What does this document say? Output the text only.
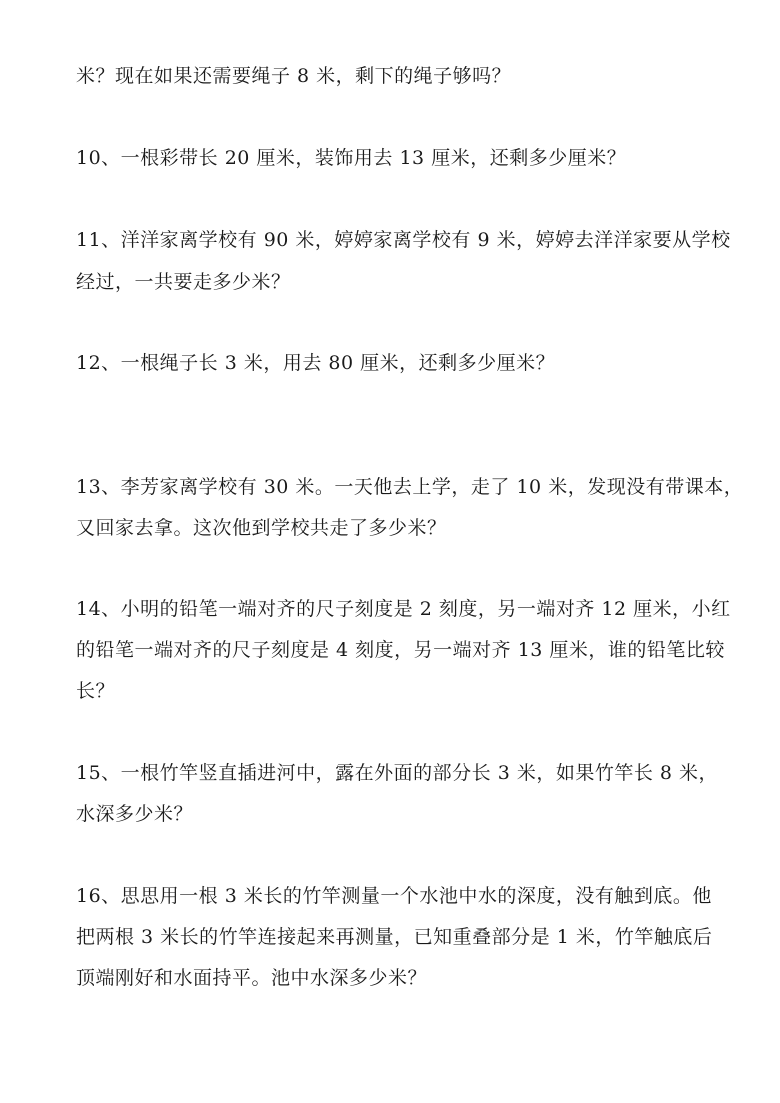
米？现在如果还需要绳子 8 米，剩下的绳子够吗？
10、一根彩带长 20 厘米，装饰用去 13 厘米，还剩多少厘米？
11、洋洋家离学校有 90 米，婷婷家离学校有 9 米，婷婷去洋洋家要从学校
经过，一共要走多少米？
12、一根绳子长 3 米，用去 80 厘米，还剩多少厘米？
13、李芳家离学校有 30 米。一天他去上学，走了 10 米，发现没有带课本，
又回家去拿。这次他到学校共走了多少米？
14、小明的铅笔一端对齐的尺子刻度是 2 刻度，另一端对齐 12 厘米，小红
的铅笔一端对齐的尺子刻度是 4 刻度，另一端对齐 13 厘米，谁的铅笔比较
长？
15、一根竹竿竖直插进河中，露在外面的部分长 3 米，如果竹竿长 8 米，
水深多少米？
16、思思用一根 3 米长的竹竿测量一个水池中水的深度，没有触到底。他
把两根 3 米长的竹竿连接起来再测量，已知重叠部分是 1 米，竹竿触底后
顶端刚好和水面持平。池中水深多少米？
